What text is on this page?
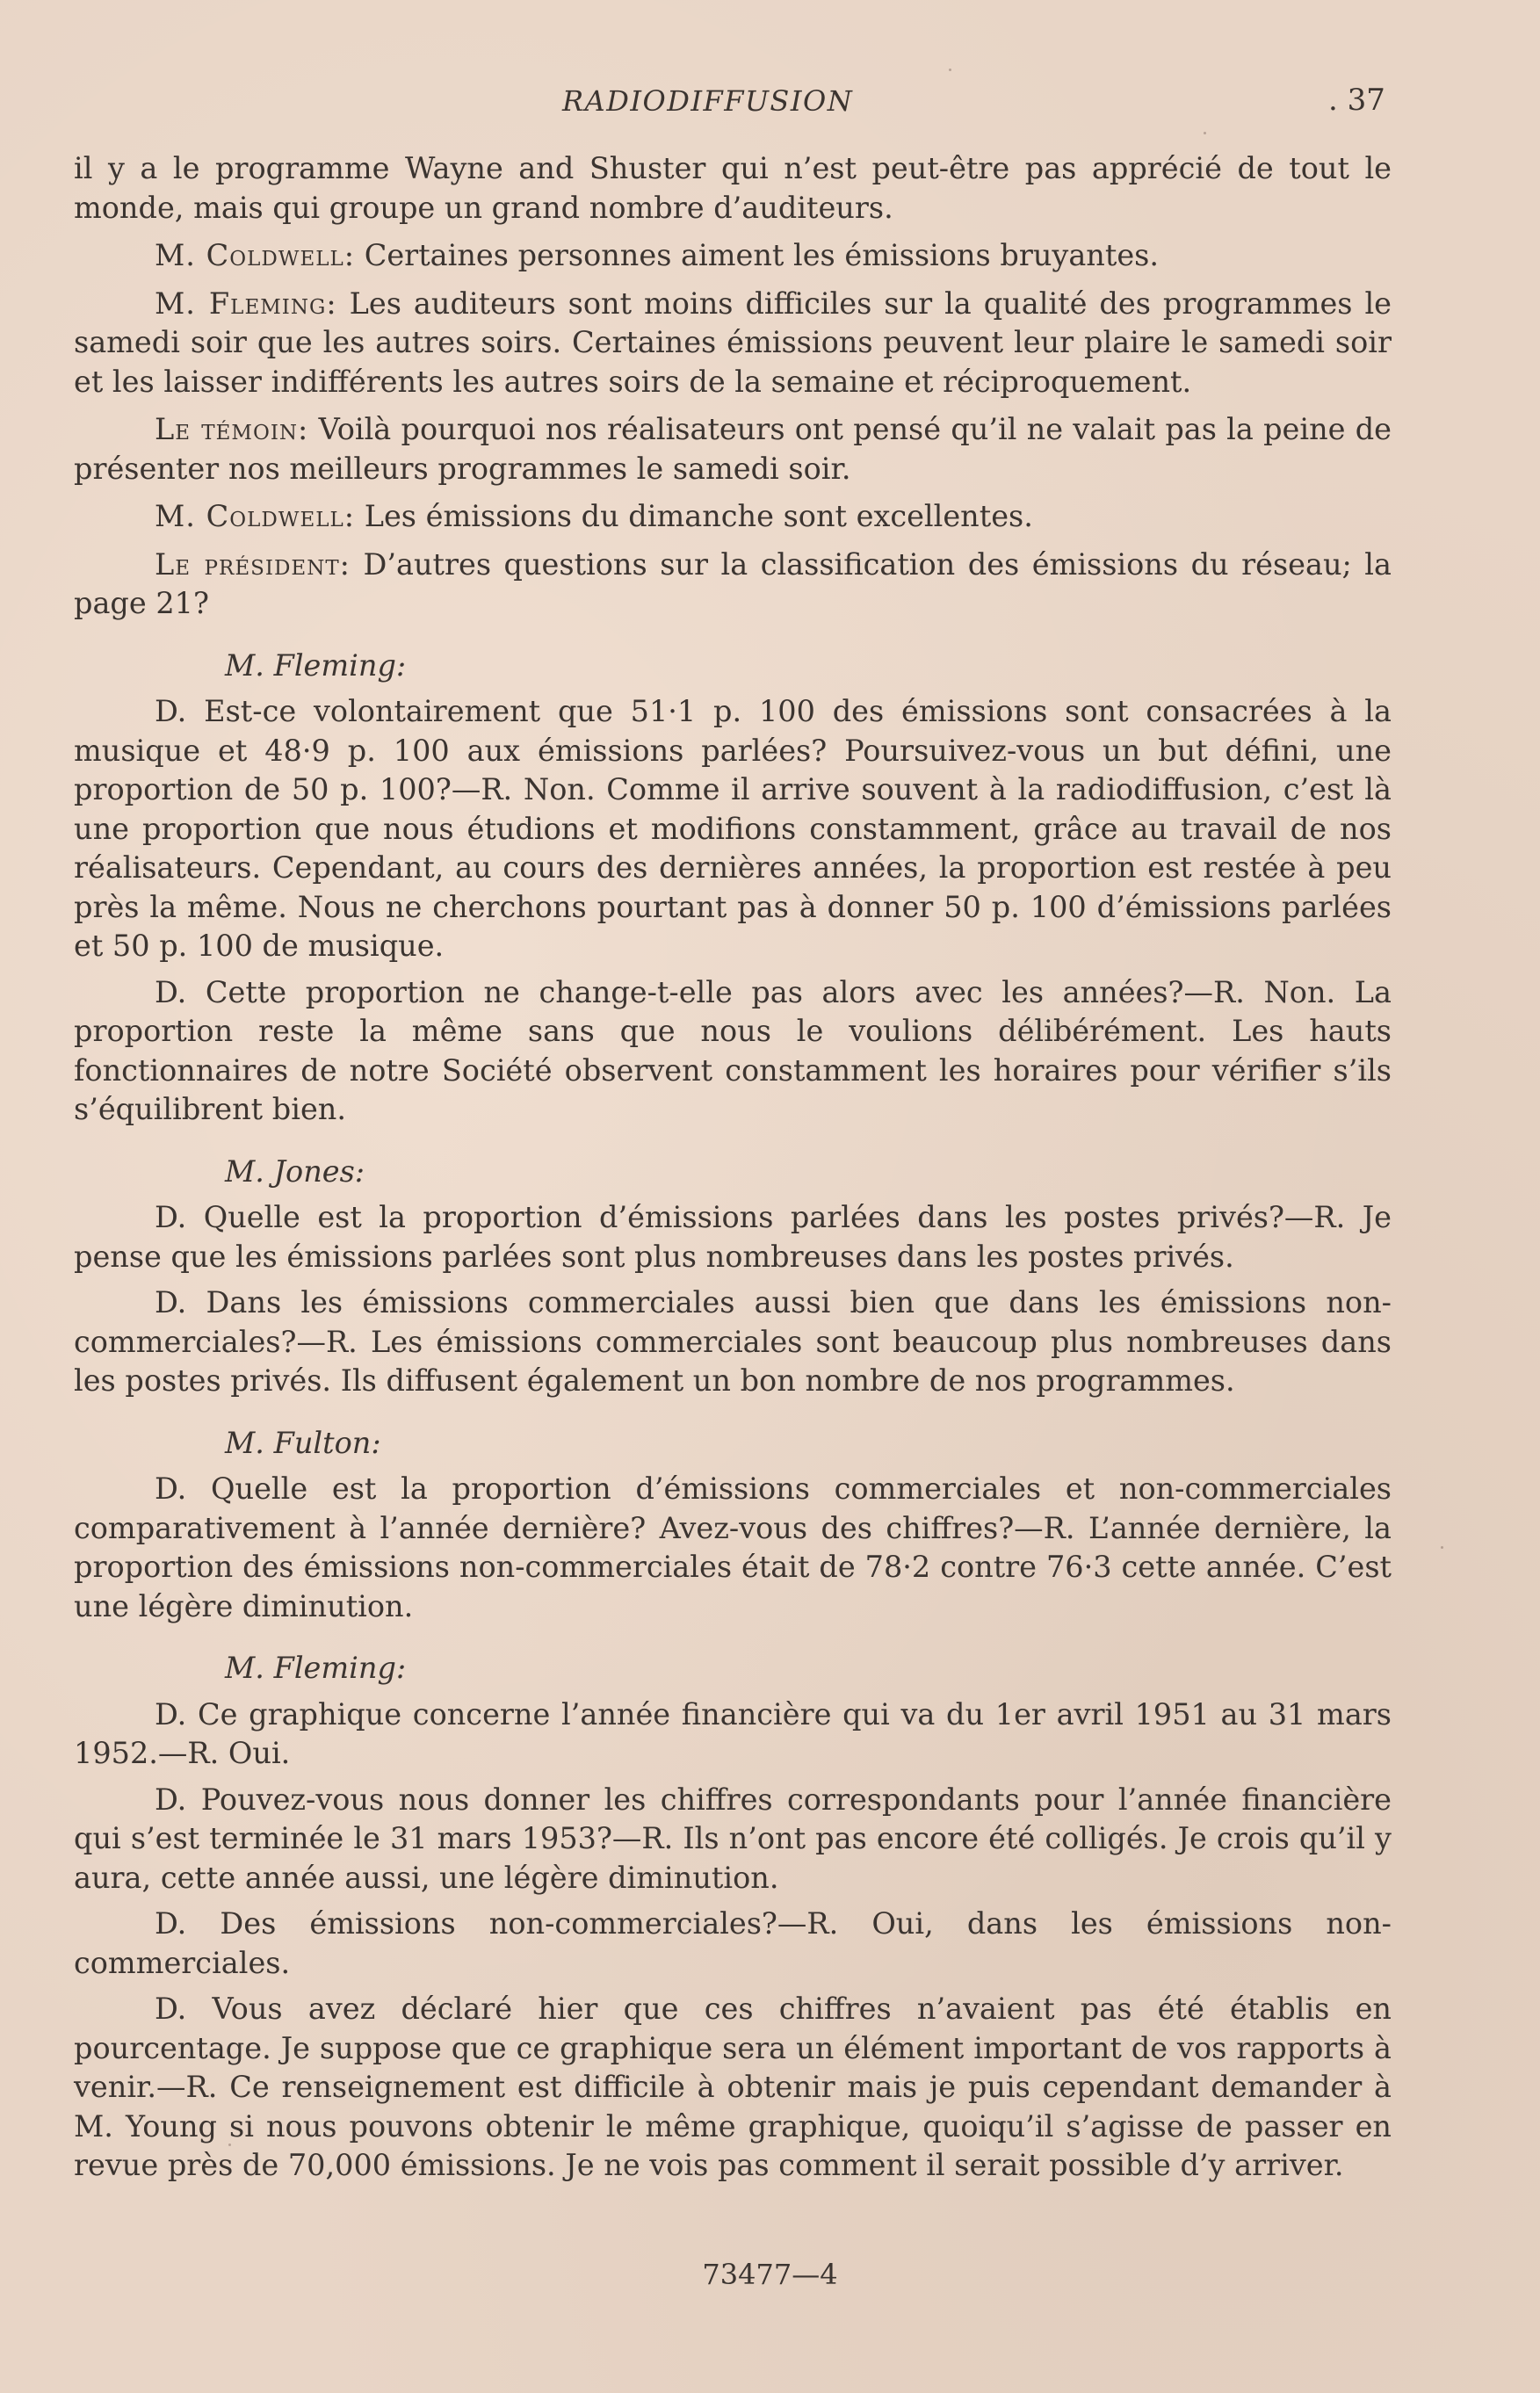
RADIODIFFUSION	. 37

il y a le programme Wayne and Shuster qui n’est peut-être pas apprécié de tout le monde, mais qui groupe un grand nombre d’auditeurs.

M. Coldwell: Certaines personnes aiment les émissions bruyantes.

M. Fleming: Les auditeurs sont moins difficiles sur la qualité des programmes le samedi soir que les autres soirs. Certaines émissions peuvent leur plaire le samedi soir et les laisser indifférents les autres soirs de la semaine et réciproquement.

Le témoin: Voilà pourquoi nos réalisateurs ont pensé qu’il ne valait pas la peine de présenter nos meilleurs programmes le samedi soir.

M. Coldwell: Les émissions du dimanche sont excellentes.

Le président: D’autres questions sur la classification des émissions du réseau; la page 21?

M. Fleming:

D. Est-ce volontairement que 51·1 p. 100 des émissions sont consacrées à la musique et 48·9 p. 100 aux émissions parlées? Poursuivez-vous un but défini, une proportion de 50 p. 100?—R. Non. Comme il arrive souvent à la radiodiffusion, c’est là une proportion que nous étudions et modifions constamment, grâce au travail de nos réalisateurs. Cependant, au cours des dernières années, la proportion est restée à peu près la même. Nous ne cherchons pourtant pas à donner 50 p. 100 d’émissions parlées et 50 p. 100 de musique.

D. Cette proportion ne change-t-elle pas alors avec les années?—R. Non. La proportion reste la même sans que nous le voulions délibérément. Les hauts fonctionnaires de notre Société observent constamment les horaires pour vérifier s’ils s’équilibrent bien.

M. Jones:

D. Quelle est la proportion d’émissions parlées dans les postes privés?—R. Je pense que les émissions parlées sont plus nombreuses dans les postes privés.

D. Dans les émissions commerciales aussi bien que dans les émissions non-commerciales?—R. Les émissions commerciales sont beaucoup plus nombreuses dans les postes privés. Ils diffusent également un bon nombre de nos programmes.

M. Fulton:

D. Quelle est la proportion d’émissions commerciales et non-commerciales comparativement à l’année dernière? Avez-vous des chiffres?—R. L’année dernière, la proportion des émissions non-commerciales était de 78·2 contre 76·3 cette année. C’est une légère diminution.

M. Fleming:

D. Ce graphique concerne l’année financière qui va du 1er avril 1951 au 31 mars 1952.—R. Oui.

D. Pouvez-vous nous donner les chiffres correspondants pour l’année financière qui s’est terminée le 31 mars 1953?—R. Ils n’ont pas encore été colligés. Je crois qu’il y aura, cette année aussi, une légère diminution.

D. Des émissions non-commerciales?—R. Oui, dans les émissions non-commerciales.

D. Vous avez déclaré hier que ces chiffres n’avaient pas été établis en pourcentage. Je suppose que ce graphique sera un élément important de vos rapports à venir.—R. Ce renseignement est difficile à obtenir mais je puis cependant demander à M. Young si nous pouvons obtenir le même graphique, quoiqu’il s’agisse de passer en revue près de 70,000 émissions. Je ne vois pas comment il serait possible d’y arriver.

73477—4
